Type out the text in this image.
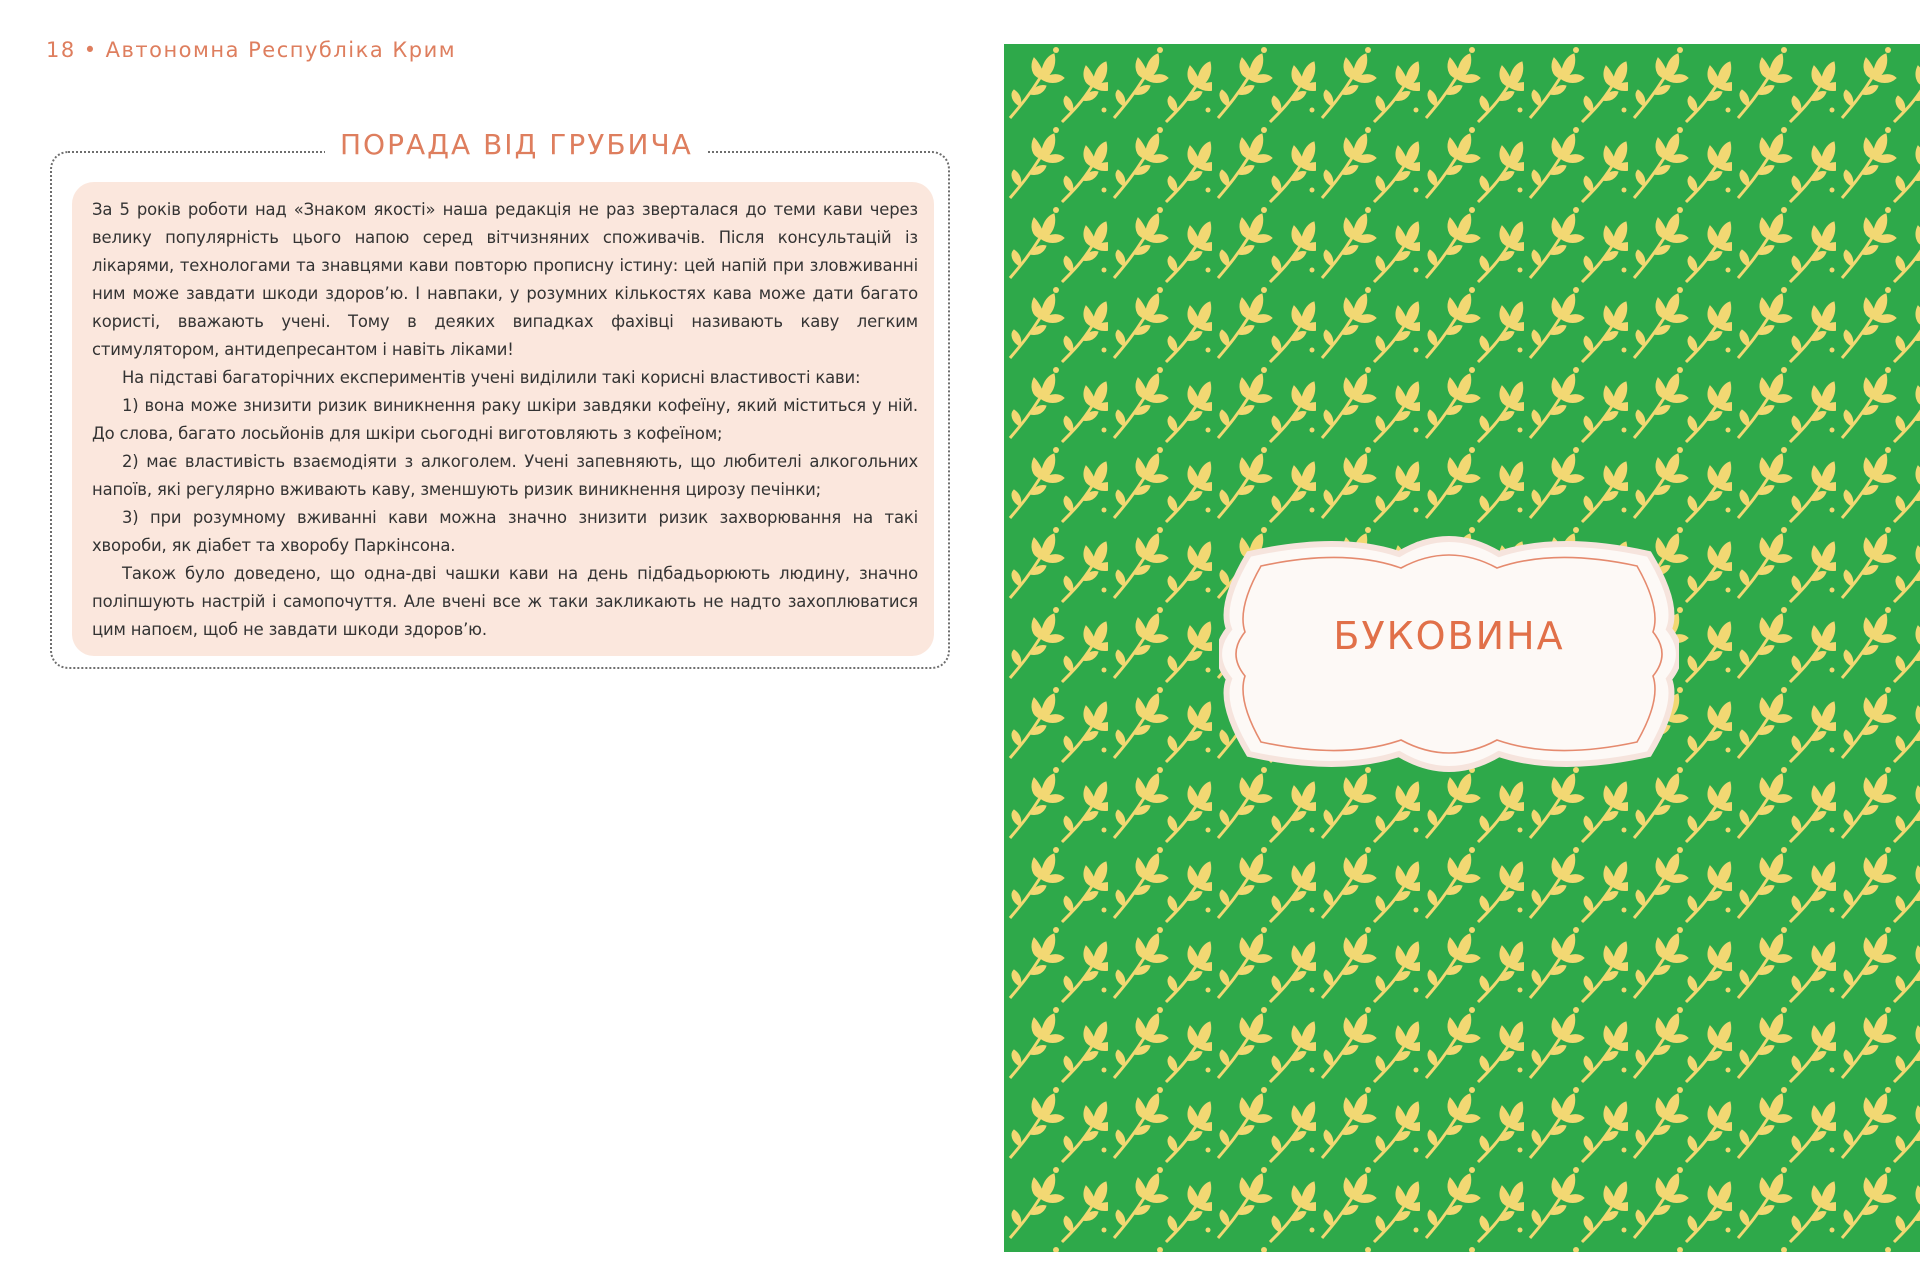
18 • Автономна Республіка Крим
ПОРАДА ВІД ГРУБИЧА

За 5 років роботи над «Знаком якості» наша редакція не раз зверталася до теми кави через велику популярність цього напою серед вітчизняних споживачів. Після консультацій із лікарями, технологами та знавцями кави повторю прописну істину: цей напій при зловживанні ним може завдати шкоди здоров’ю. І навпаки, у розумних кількостях кава може дати багато користі, вважають учені. Тому в деяких випадках фахівці називають каву легким стимулятором, антидепресантом і навіть ліками!

На підставі багаторічних експериментів учені виділили такі корисні властивості кави:

1) вона може знизити ризик виникнення раку шкіри завдяки кофеїну, який міститься у ній. До слова, багато лосьйонів для шкіри сьогодні виготовляють з кофеїном;

2) має властивість взаємодіяти з алкоголем. Учені запевняють, що любителі алкогольних напоїв, які регулярно вживають каву, зменшують ризик виникнення цирозу печінки;

3) при розумному вживанні кави можна значно знизити ризик захворювання на такі хвороби, як діабет та хворобу Паркінсона.

Також було доведено, що одна-дві чашки кави на день підбадьорюють людину, значно поліпшують настрій і самопочуття. Але вчені все ж таки закликають не надто захоплюватися цим напоєм, щоб не завдати шкоди здоров’ю.	БУКОВИНА
